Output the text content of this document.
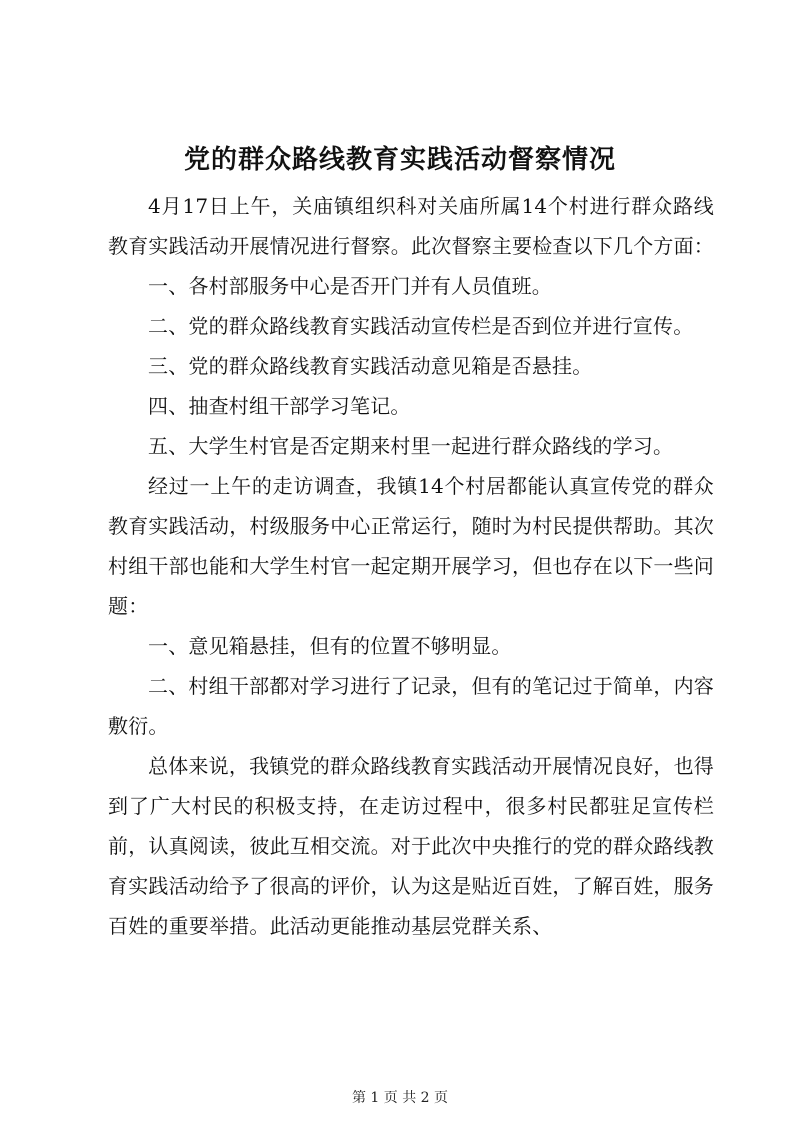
党的群众路线教育实践活动督察情况

4月17日上午，关庙镇组织科对关庙所属14个村进行群众路线教育实践活动开展情况进行督察。此次督察主要检查以下几个方面：

一、各村部服务中心是否开门并有人员值班。

二、党的群众路线教育实践活动宣传栏是否到位并进行宣传。

三、党的群众路线教育实践活动意见箱是否悬挂。

四、抽查村组干部学习笔记。

五、大学生村官是否定期来村里一起进行群众路线的学习。

经过一上午的走访调查，我镇14个村居都能认真宣传党的群众教育实践活动，村级服务中心正常运行，随时为村民提供帮助。其次村组干部也能和大学生村官一起定期开展学习，但也存在以下一些问题：

一、意见箱悬挂，但有的位置不够明显。

二、村组干部都对学习进行了记录，但有的笔记过于简单，内容敷衍。

总体来说，我镇党的群众路线教育实践活动开展情况良好，也得到了广大村民的积极支持，在走访过程中，很多村民都驻足宣传栏前，认真阅读，彼此互相交流。对于此次中央推行的党的群众路线教育实践活动给予了很高的评价，认为这是贴近百姓，了解百姓，服务百姓的重要举措。此活动更能推动基层党群关系、

第 1 页 共 2 页
